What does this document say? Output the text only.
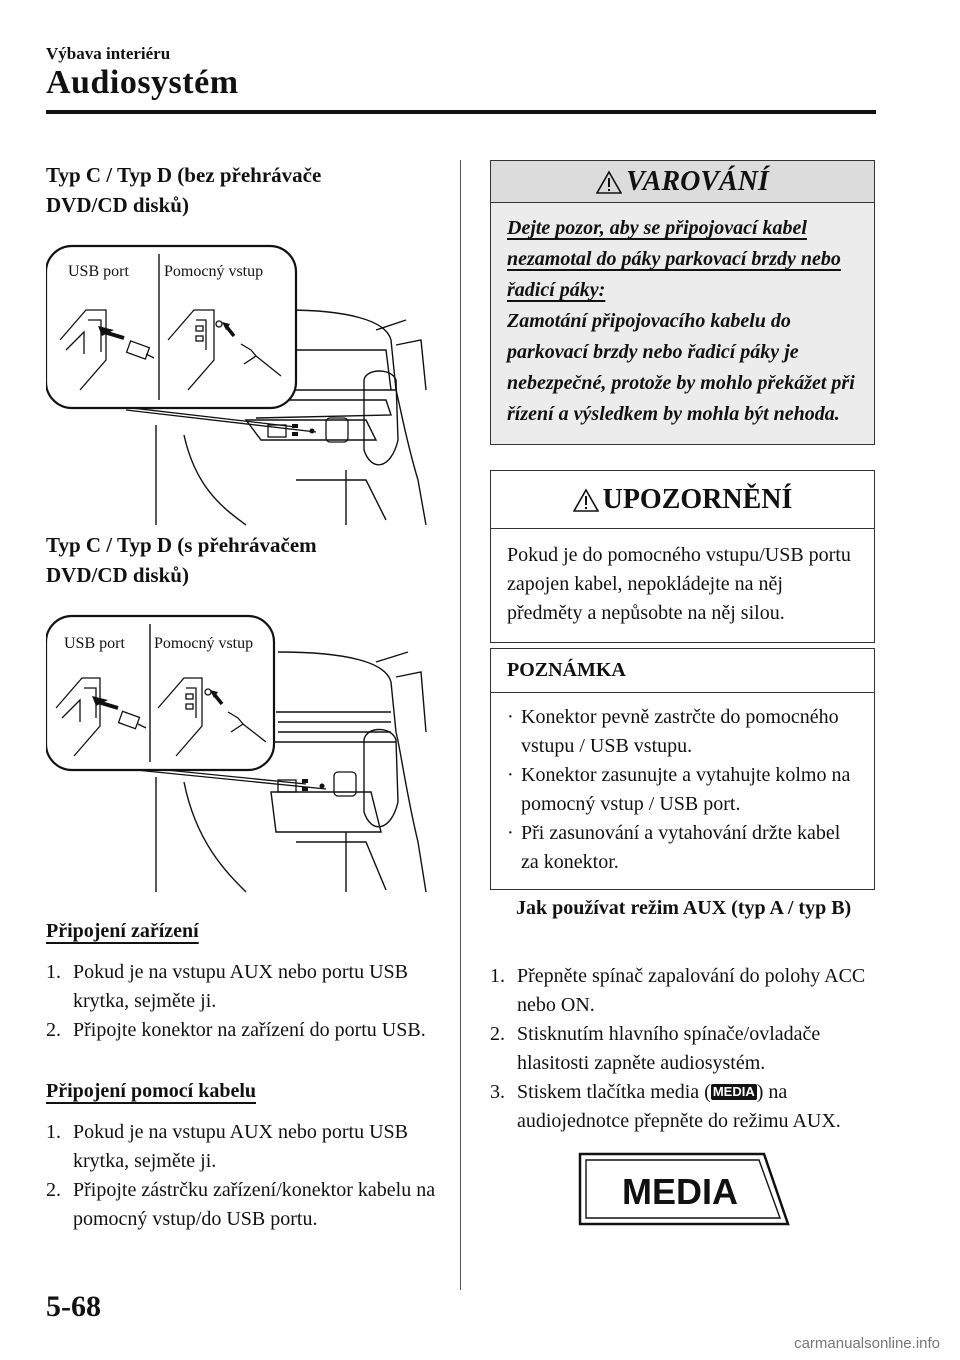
Výbava interiéru
Audiosystém
Typ C / Typ D (bez přehrávače DVD/CD disků)
USB port Pomocný vstup
Typ C / Typ D (s přehrávačem DVD/CD disků)
USB port Pomocný vstup
Připojení zařízení
1. Pokud je na vstupu AUX nebo portu USB krytka, sejměte ji.
2. Připojte konektor na zařízení do portu USB.
Připojení pomocí kabelu
1. Pokud je na vstupu AUX nebo portu USB krytka, sejměte ji.
2. Připojte zástrčku zařízení/konektor kabelu na pomocný vstup/do USB portu.
VAROVÁNÍ
Dejte pozor, aby se připojovací kabel nezamotal do páky parkovací brzdy nebo řadicí páky:
Zamotání připojovacího kabelu do parkovací brzdy nebo řadicí páky je nebezpečné, protože by mohlo překážet při řízení a výsledkem by mohla být nehoda.
UPOZORNĚNÍ
Pokud je do pomocného vstupu/USB portu zapojen kabel, nepokládejte na něj předměty a nepůsobte na něj silou.
POZNÁMKA
· Konektor pevně zastrčte do pomocného vstupu / USB vstupu.
· Konektor zasunujte a vytahujte kolmo na pomocný vstup / USB port.
· Při zasunování a vytahování držte kabel za konektor.
Jak používat režim AUX (typ A / typ B)
1. Přepněte spínač zapalování do polohy ACC nebo ON.
2. Stisknutím hlavního spínače/ovladače hlasitosti zapněte audiosystém.
3. Stiskem tlačítka media ( MEDIA ) na audiojednotce přepněte do režimu AUX.
MEDIA
5-68
carmanualsonline.info
